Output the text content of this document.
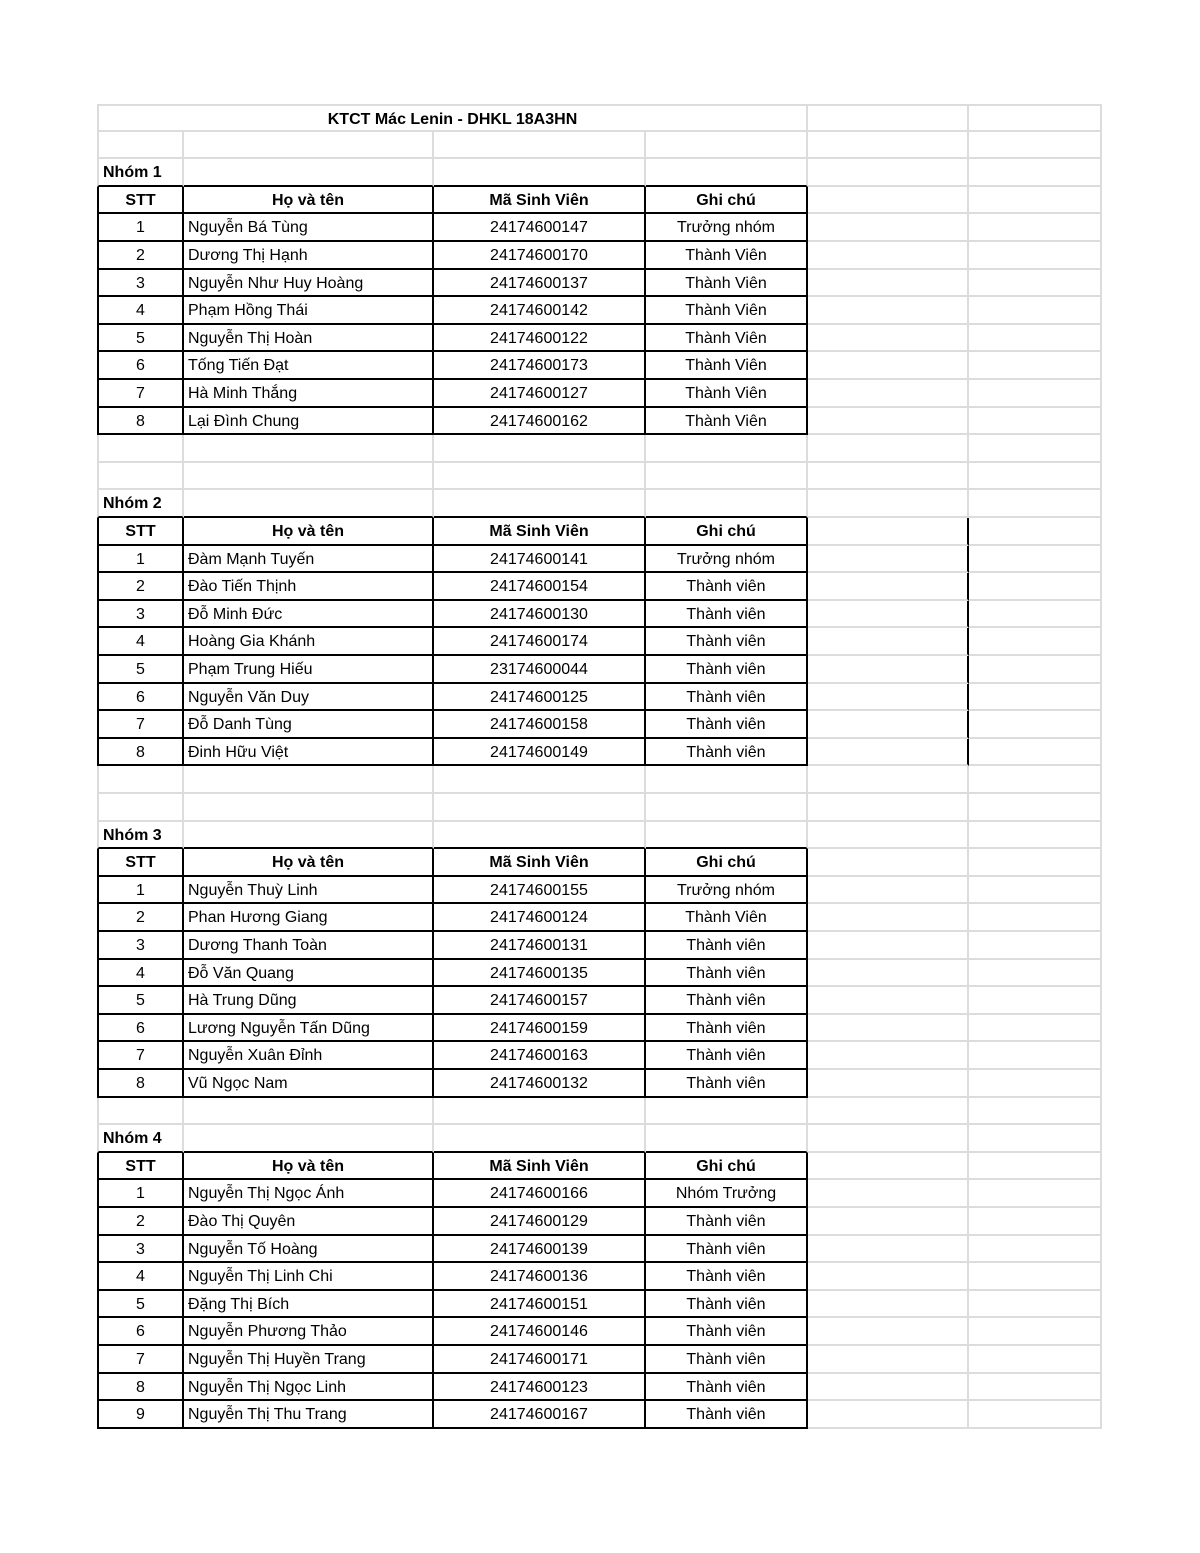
KTCT Mác Lenin - DHKL 18A3HN
Nhóm 1
STT	Họ và tên	Mã Sinh Viên	Ghi chú
1	Nguyễn Bá Tùng	24174600147	Trưởng nhóm
2	Dương Thị Hạnh	24174600170	Thành Viên
3	Nguyễn Như Huy Hoàng	24174600137	Thành Viên
4	Phạm Hồng Thái	24174600142	Thành Viên
5	Nguyễn Thị Hoàn	24174600122	Thành Viên
6	Tống Tiến Đạt	24174600173	Thành Viên
7	Hà Minh Thắng	24174600127	Thành Viên
8	Lại Đình Chung	24174600162	Thành Viên
Nhóm 2
STT	Họ và tên	Mã Sinh Viên	Ghi chú
1	Đàm Mạnh Tuyến	24174600141	Trưởng nhóm
2	Đào Tiến Thịnh	24174600154	Thành viên
3	Đỗ Minh Đức	24174600130	Thành viên
4	Hoàng Gia Khánh	24174600174	Thành viên
5	Phạm Trung Hiếu	23174600044	Thành viên
6	Nguyễn Văn Duy	24174600125	Thành viên
7	Đỗ Danh Tùng	24174600158	Thành viên
8	Đinh Hữu Việt	24174600149	Thành viên
Nhóm 3
STT	Họ và tên	Mã Sinh Viên	Ghi chú
1	Nguyễn Thuỳ Linh	24174600155	Trưởng nhóm
2	Phan Hương Giang	24174600124	Thành Viên
3	Dương Thanh Toàn	24174600131	Thành viên
4	Đỗ Văn Quang	24174600135	Thành viên
5	Hà Trung Dũng	24174600157	Thành viên
6	Lương Nguyễn Tấn Dũng	24174600159	Thành viên
7	Nguyễn Xuân Đỉnh	24174600163	Thành viên
8	Vũ Ngọc Nam	24174600132	Thành viên
Nhóm 4
STT	Họ và tên	Mã Sinh Viên	Ghi chú
1	Nguyễn Thị Ngọc Ánh	24174600166	Nhóm Trưởng
2	Đào Thị Quyên	24174600129	Thành viên
3	Nguyễn Tố Hoàng	24174600139	Thành viên
4	Nguyễn Thị Linh Chi	24174600136	Thành viên
5	Đặng Thị Bích	24174600151	Thành viên
6	Nguyễn Phương Thảo	24174600146	Thành viên
7	Nguyễn Thị Huyền Trang	24174600171	Thành viên
8	Nguyễn Thị Ngọc Linh	24174600123	Thành viên
9	Nguyễn Thị Thu Trang	24174600167	Thành viên
